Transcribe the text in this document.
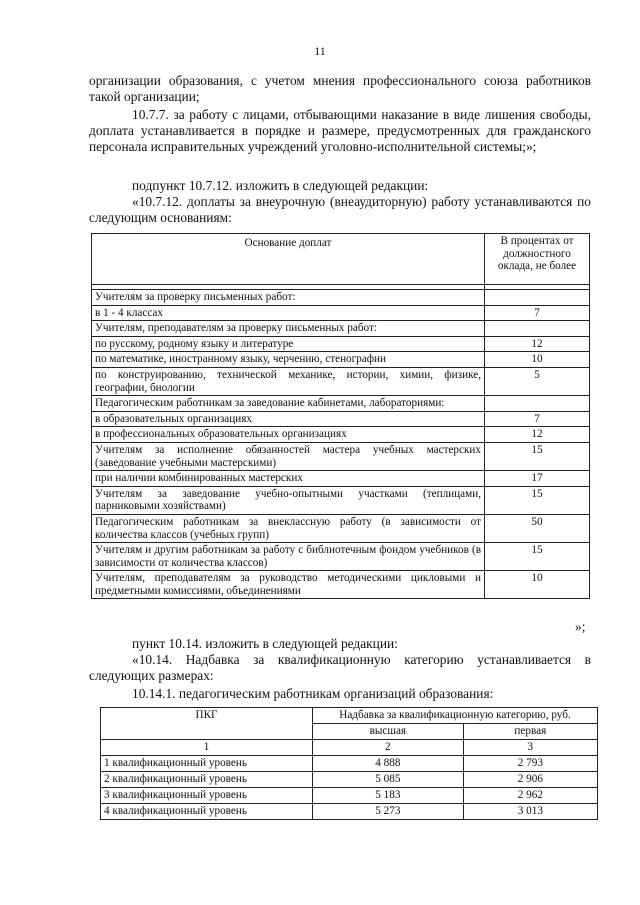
11

организации образования, с учетом мнения профессионального союза работников такой организации;

10.7.7. за работу с лицами, отбывающими наказание в виде лишения свободы, доплата устанавливается в порядке и размере, предусмотренных для гражданского персонала исправительных учреждений уголовно-исполнительной системы;»;

подпункт 10.7.12. изложить в следующей редакции:

«10.7.12. доплаты за внеурочную (внеаудиторную) работу устанавливаются по следующим основаниям:

Основание доплат	В процентах от должностного оклада, не более

Учителям за проверку письменных работ:	
в 1 - 4 классах	7
Учителям, преподавателям за проверку письменных работ:	
по русскому, родному языку и литературе	12
по математике, иностранному языку, черчению, стенографии	10
по конструированию, технической механике, истории, химии, физике, географии, биологии	5
Педагогическим работникам за заведование кабинетами, лабораториями:	
в образовательных организациях	7
в профессиональных образовательных организациях	12
Учителям за исполнение обязанностей мастера учебных мастерских (заведование учебными мастерскими)	15
при наличии комбинированных мастерских	17
Учителям за заведование учебно-опытными участками (теплицами, парниковыми хозяйствами)	15
Педагогическим работникам за внеклассную работу (в зависимости от количества классов (учебных групп)	50
Учителям и другим работникам за работу с библиотечным фондом учебников (в зависимости от количества классов)	15
Учителям, преподавателям за руководство методическими цикловыми и предметными комиссиями, объединениями	10
»;

пункт 10.14. изложить в следующей редакции:

«10.14. Надбавка за квалификационную категорию устанавливается в следующих размерах:

10.14.1. педагогическим работникам организаций образования:

ПКГ	Надбавка за квалификационную категорию, руб.	
	высшая	первая
1	2	3
1 квалификационный уровень	4 888	2 793
2 квалификационный уровень	5 085	2 906
3 квалификационный уровень	5 183	2 962
4 квалификационный уровень	5 273	3 013
